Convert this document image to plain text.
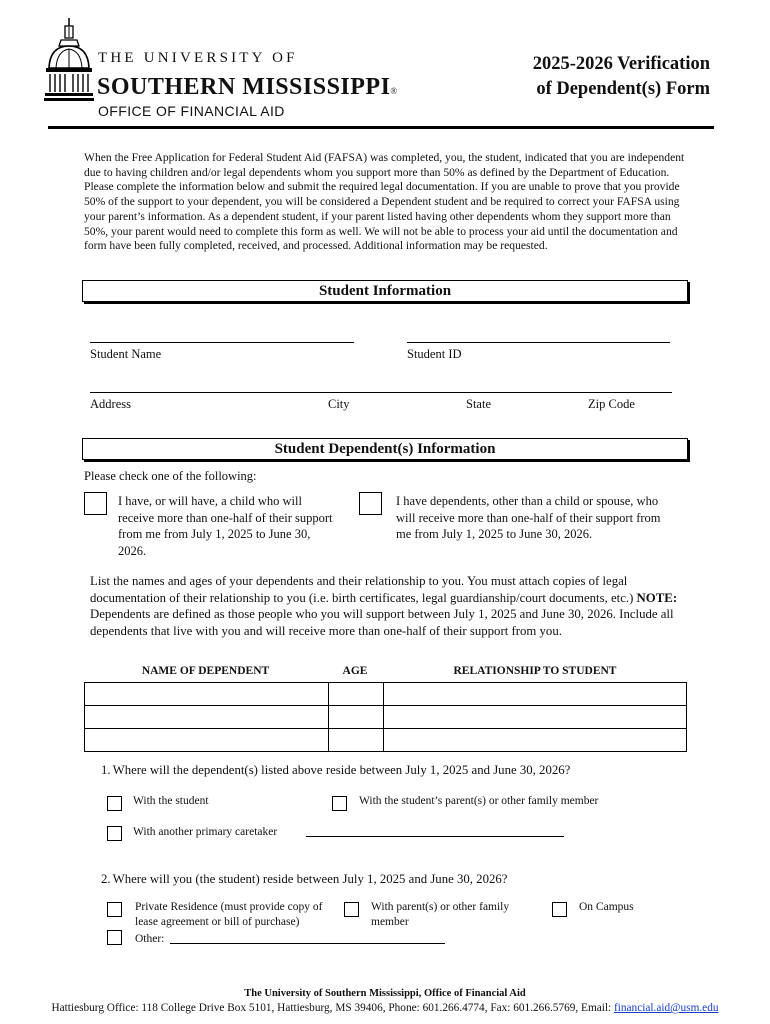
THE UNIVERSITY OF
SOUTHERN MISSISSIPPI®
OFFICE OF FINANCIAL AID
2025-2026 Verification
of Dependent(s) Form
When the Free Application for Federal Student Aid (FAFSA) was completed, you, the student, indicated that you are independent due to having children and/or legal dependents whom you support more than 50% as defined by the Department of Education. Please complete the information below and submit the required legal documentation. If you are unable to prove that you provide 50% of the support to your dependent, you will be considered a Dependent student and be required to correct your FAFSA using your parent’s information. As a dependent student, if your parent listed having other dependents whom they support more than 50%, your parent would need to complete this form as well. We will not be able to process your aid until the documentation and form have been fully completed, received, and processed. Additional information may be requested.
Student Information
Student Name	Student ID
Address	City	State	Zip Code
Student Dependent(s) Information
Please check one of the following:
I have, or will have, a child who will receive more than one-half of their support from me from July 1, 2025 to June 30, 2026.
I have dependents, other than a child or spouse, who will receive more than one-half of their support from me from July 1, 2025 to June 30, 2026.
List the names and ages of your dependents and their relationship to you. You must attach copies of legal documentation of their relationship to you (i.e. birth certificates, legal guardianship/court documents, etc.) NOTE: Dependents are defined as those people who you will support between July 1, 2025 and June 30, 2026. Include all dependents that live with you and will receive more than one-half of their support from you.
NAME OF DEPENDENT	AGE	RELATIONSHIP TO STUDENT

1. Where will the dependent(s) listed above reside between July 1, 2025 and June 30, 2026?
With the student	With the student’s parent(s) or other family member
With another primary caretaker
2. Where will you (the student) reside between July 1, 2025 and June 30, 2026?
Private Residence (must provide copy of lease agreement or bill of purchase)
With parent(s) or other family member
On Campus
Other:
The University of Southern Mississippi, Office of Financial Aid
Hattiesburg Office: 118 College Drive Box 5101, Hattiesburg, MS 39406, Phone: 601.266.4774, Fax: 601.266.5769, Email: financial.aid@usm.edu
